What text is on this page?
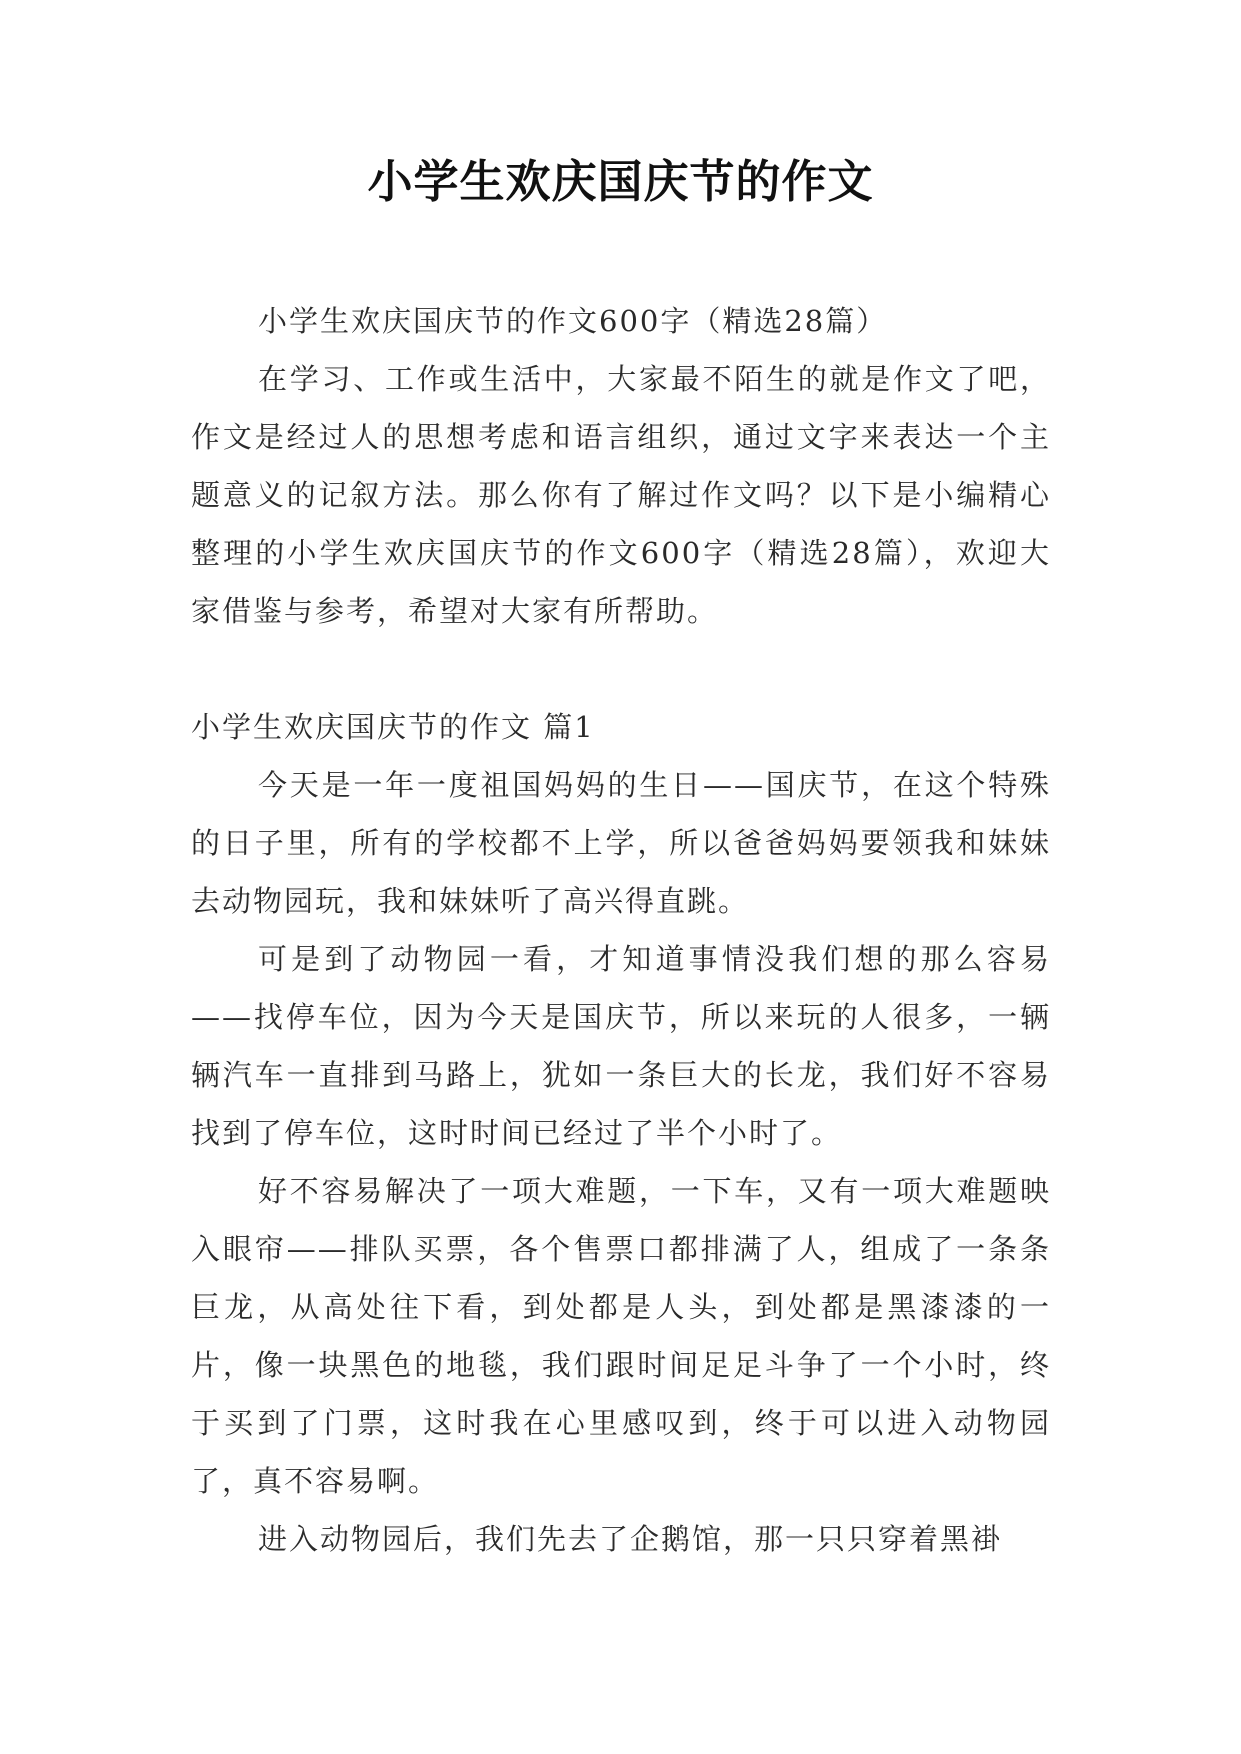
小学生欢庆国庆节的作文

小学生欢庆国庆节的作文600字（精选28篇）

在学习、工作或生活中，大家最不陌生的就是作文了吧，作文是经过人的思想考虑和语言组织，通过文字来表达一个主题意义的记叙方法。那么你有了解过作文吗？以下是小编精心整理的小学生欢庆国庆节的作文600字（精选28篇），欢迎大家借鉴与参考，希望对大家有所帮助。

小学生欢庆国庆节的作文 篇1

今天是一年一度祖国妈妈的生日——国庆节，在这个特殊的日子里，所有的学校都不上学，所以爸爸妈妈要领我和妹妹去动物园玩，我和妹妹听了高兴得直跳。

可是到了动物园一看，才知道事情没我们想的那么容易——找停车位，因为今天是国庆节，所以来玩的人很多，一辆辆汽车一直排到马路上，犹如一条巨大的长龙，我们好不容易找到了停车位，这时时间已经过了半个小时了。

好不容易解决了一项大难题，一下车，又有一项大难题映入眼帘——排队买票，各个售票口都排满了人，组成了一条条巨龙，从高处往下看，到处都是人头，到处都是黑漆漆的一片，像一块黑色的地毯，我们跟时间足足斗争了一个小时，终于买到了门票，这时我在心里感叹到，终于可以进入动物园了，真不容易啊。

进入动物园后，我们先去了企鹅馆，那一只只穿着黑褂
